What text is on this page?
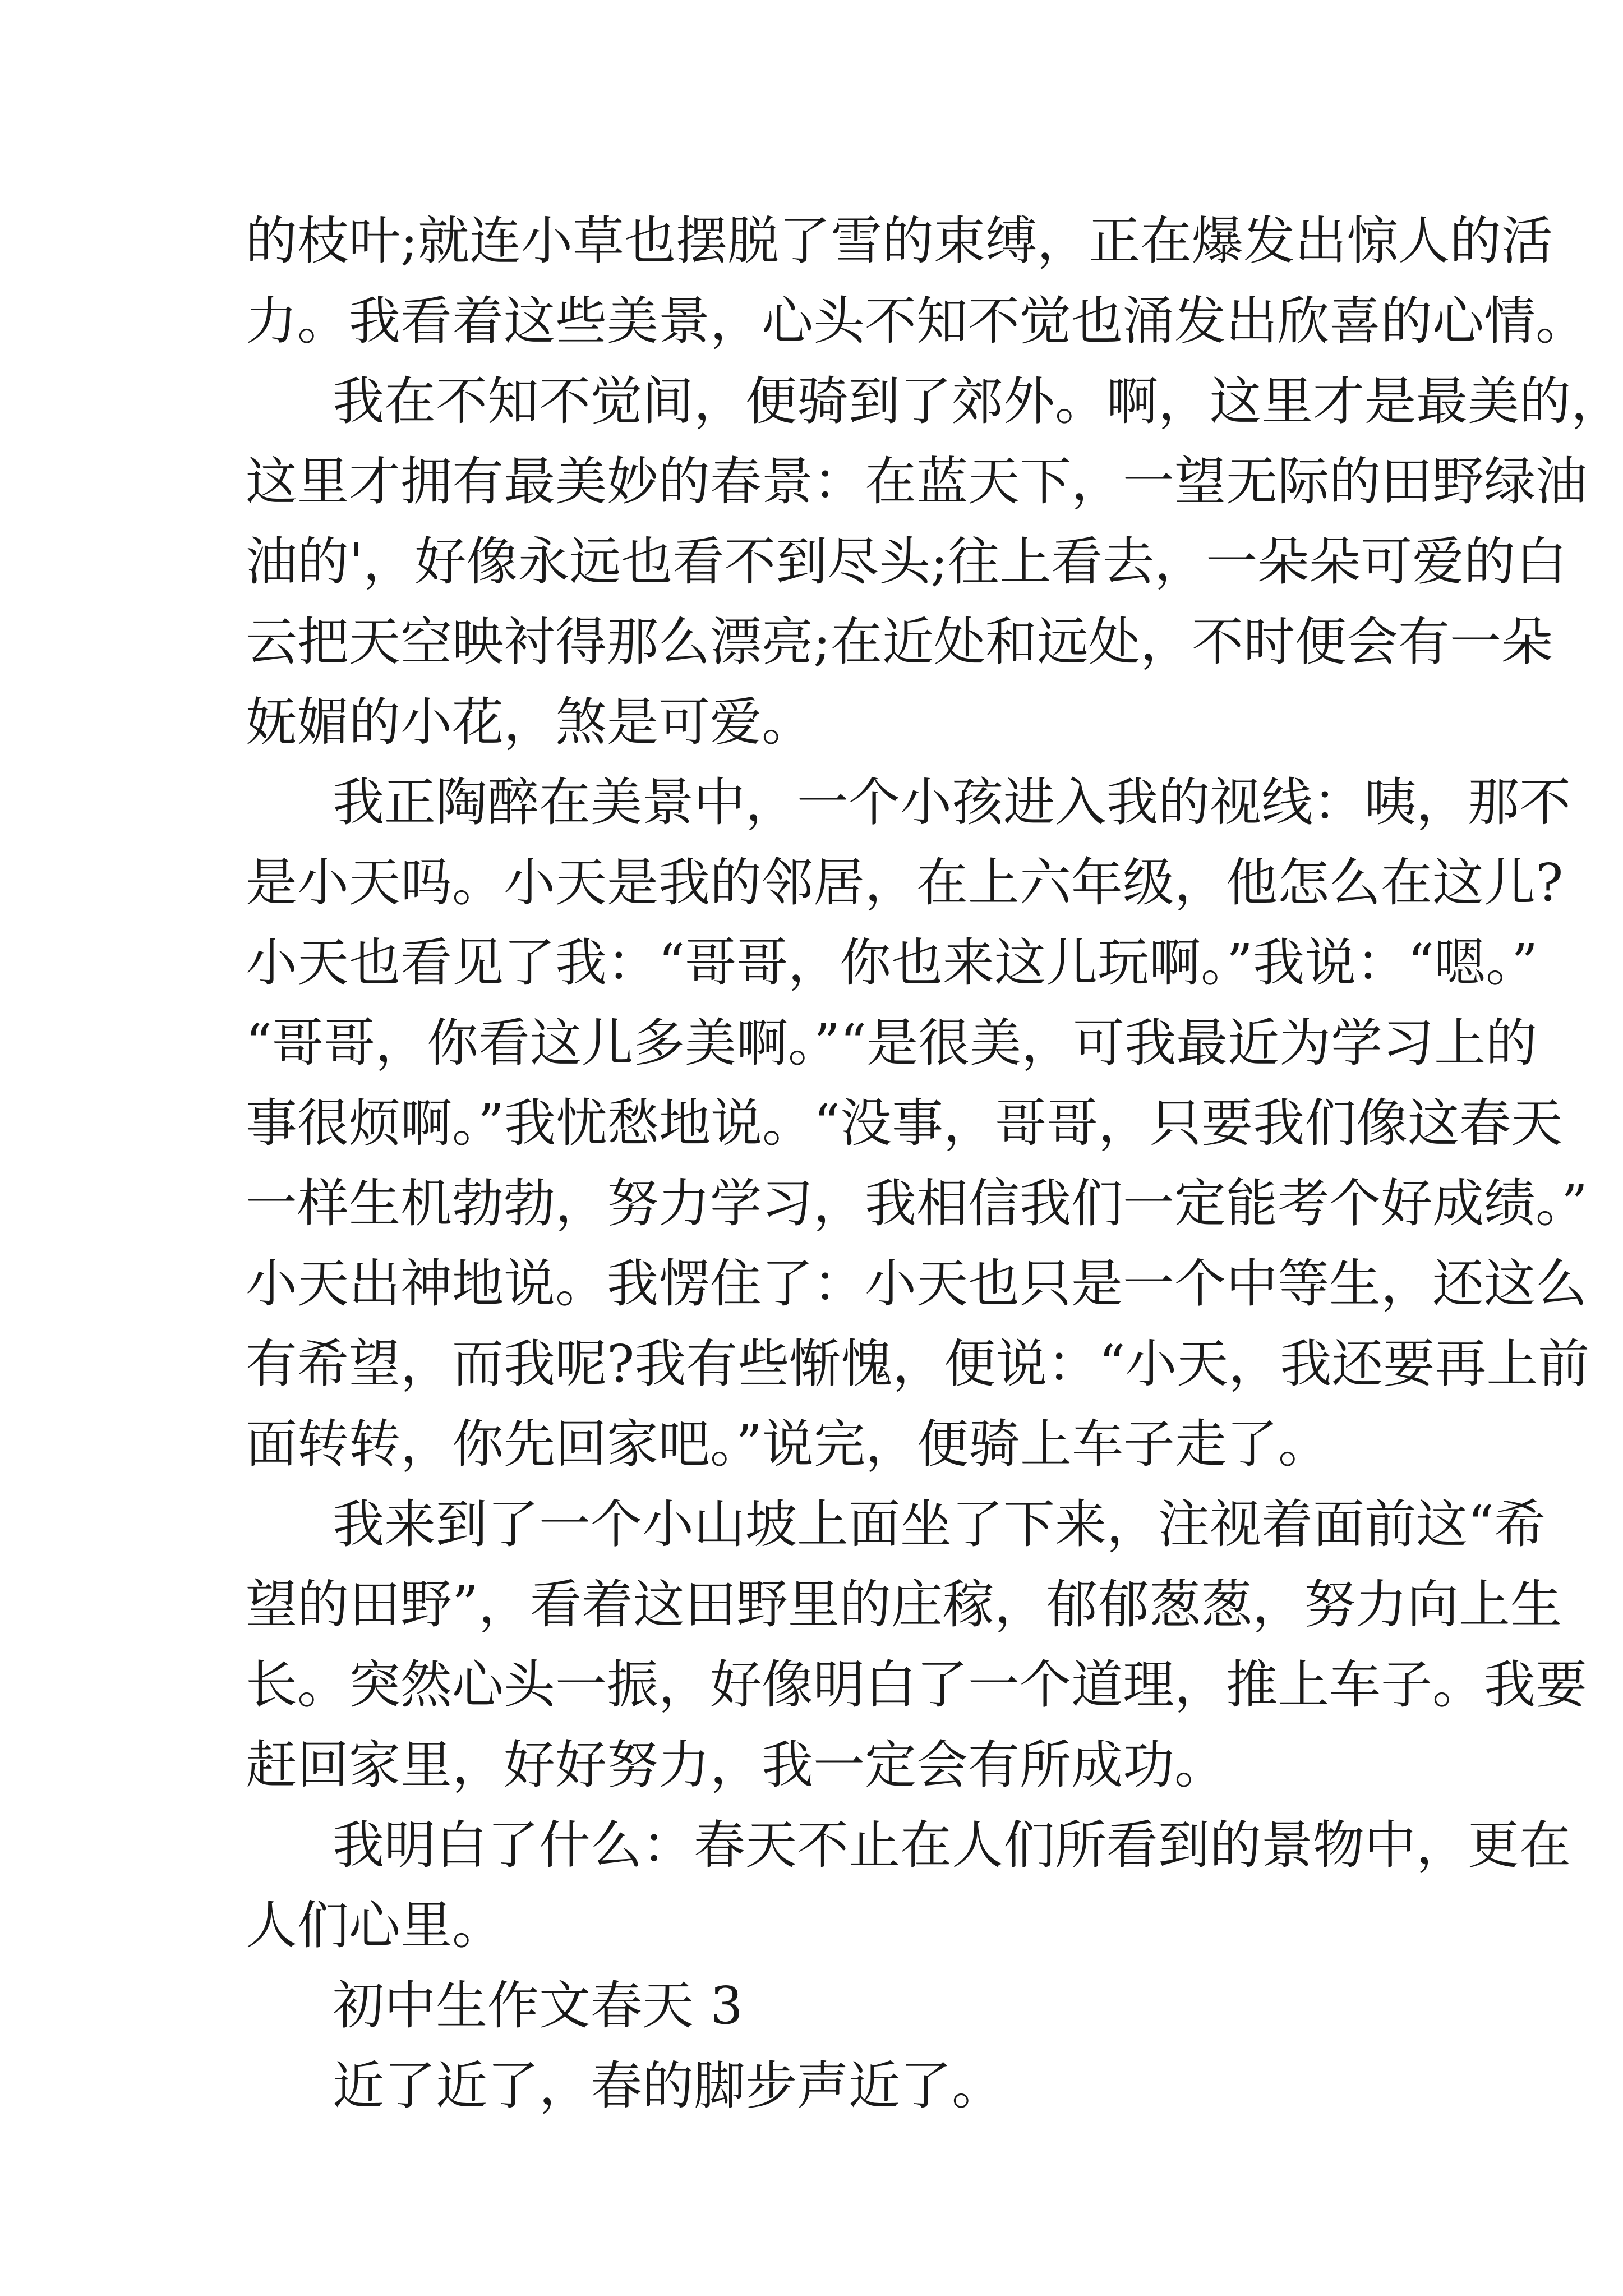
的枝叶;就连小草也摆脱了雪的束缚，正在爆发出惊人的活

力。我看着这些美景，心头不知不觉也涌发出欣喜的心情。

我在不知不觉间，便骑到了郊外。啊，这里才是最美的，

这里才拥有最美妙的春景：在蓝天下，一望无际的田野绿油

油的'，好像永远也看不到尽头;往上看去，一朵朵可爱的白

云把天空映衬得那么漂亮;在近处和远处，不时便会有一朵

妩媚的小花，煞是可爱。

我正陶醉在美景中，一个小孩进入我的视线：咦，那不

是小天吗。小天是我的邻居，在上六年级，他怎么在这儿?

小天也看见了我：“哥哥，你也来这儿玩啊。”我说：“嗯。”

“哥哥，你看这儿多美啊。”“是很美，可我最近为学习上的

事很烦啊。”我忧愁地说。“没事，哥哥，只要我们像这春天

一样生机勃勃，努力学习，我相信我们一定能考个好成绩。”

小天出神地说。我愣住了：小天也只是一个中等生，还这么

有希望，而我呢?我有些惭愧，便说：“小天，我还要再上前

面转转，你先回家吧。”说完，便骑上车子走了。

我来到了一个小山坡上面坐了下来，注视着面前这“希

望的田野”，看着这田野里的庄稼，郁郁葱葱，努力向上生

长。突然心头一振，好像明白了一个道理，推上车子。我要

赶回家里，好好努力，我一定会有所成功。

我明白了什么：春天不止在人们所看到的景物中，更在

人们心里。

初中生作文春天 3

近了近了，春的脚步声近了。
